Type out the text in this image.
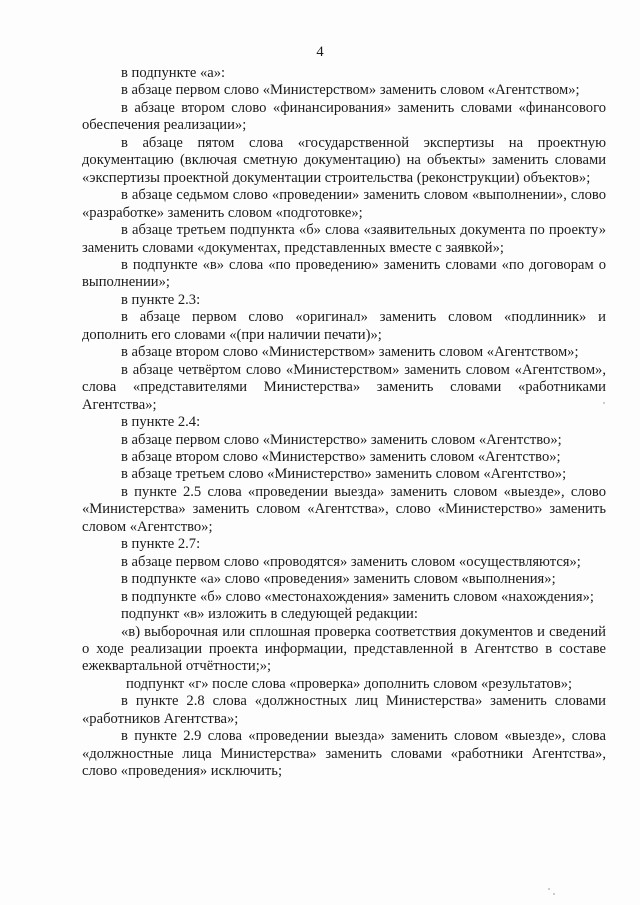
4

в подпункте «а»:

в абзаце первом слово «Министерством» заменить словом «Агентством»;

в абзаце втором слово «финансирования» заменить словами «финансового обеспечения реализации»;

в абзаце пятом слова «государственной экспертизы на проектную документацию (включая сметную документацию) на объекты» заменить словами «экспертизы проектной документации строительства (реконструкции) объектов»;

в абзаце седьмом слово «проведении» заменить словом «выполнении», слово «разработке» заменить словом «подготовке»;

в абзаце третьем подпункта «б» слова «заявительных документа по проекту» заменить словами «документах, представленных вместе с заявкой»;

в подпункте «в» слова «по проведению» заменить словами «по договорам о выполнении»;

в пункте 2.3:

в абзаце первом слово «оригинал» заменить словом «подлинник» и дополнить его словами «(при наличии печати)»;

в абзаце втором слово «Министерством» заменить словом «Агентством»;

в абзаце четвёртом слово «Министерством» заменить словом «Агентством», слова «представителями Министерства» заменить словами «работниками Агентства»;

в пункте 2.4:

в абзаце первом слово «Министерство» заменить словом «Агентство»;

в абзаце втором слово «Министерство» заменить словом «Агентство»;

в абзаце третьем слово «Министерство» заменить словом «Агентство»;

в пункте 2.5 слова «проведении выезда» заменить словом «выезде», слово «Министерства» заменить словом «Агентства», слово «Министерство» заменить словом «Агентство»;

в пункте 2.7:

в абзаце первом слово «проводятся» заменить словом «осуществляются»;

в подпункте «а» слово «проведения» заменить словом «выполнения»;

в подпункте «б» слово «местонахождения» заменить словом «нахождения»;

подпункт «в» изложить в следующей редакции:

«в) выборочная или сплошная проверка соответствия документов и сведений о ходе реализации проекта информации, представленной в Агентство в составе ежеквартальной отчётности;»;

подпункт «г» после слова «проверка» дополнить словом «результатов»;

в пункте 2.8 слова «должностных лиц Министерства» заменить словами «работников Агентства»;

в пункте 2.9 слова «проведении выезда» заменить словом «выезде», слова «должностные лица Министерства» заменить словами «работники Агентства», слово «проведения» исключить;
